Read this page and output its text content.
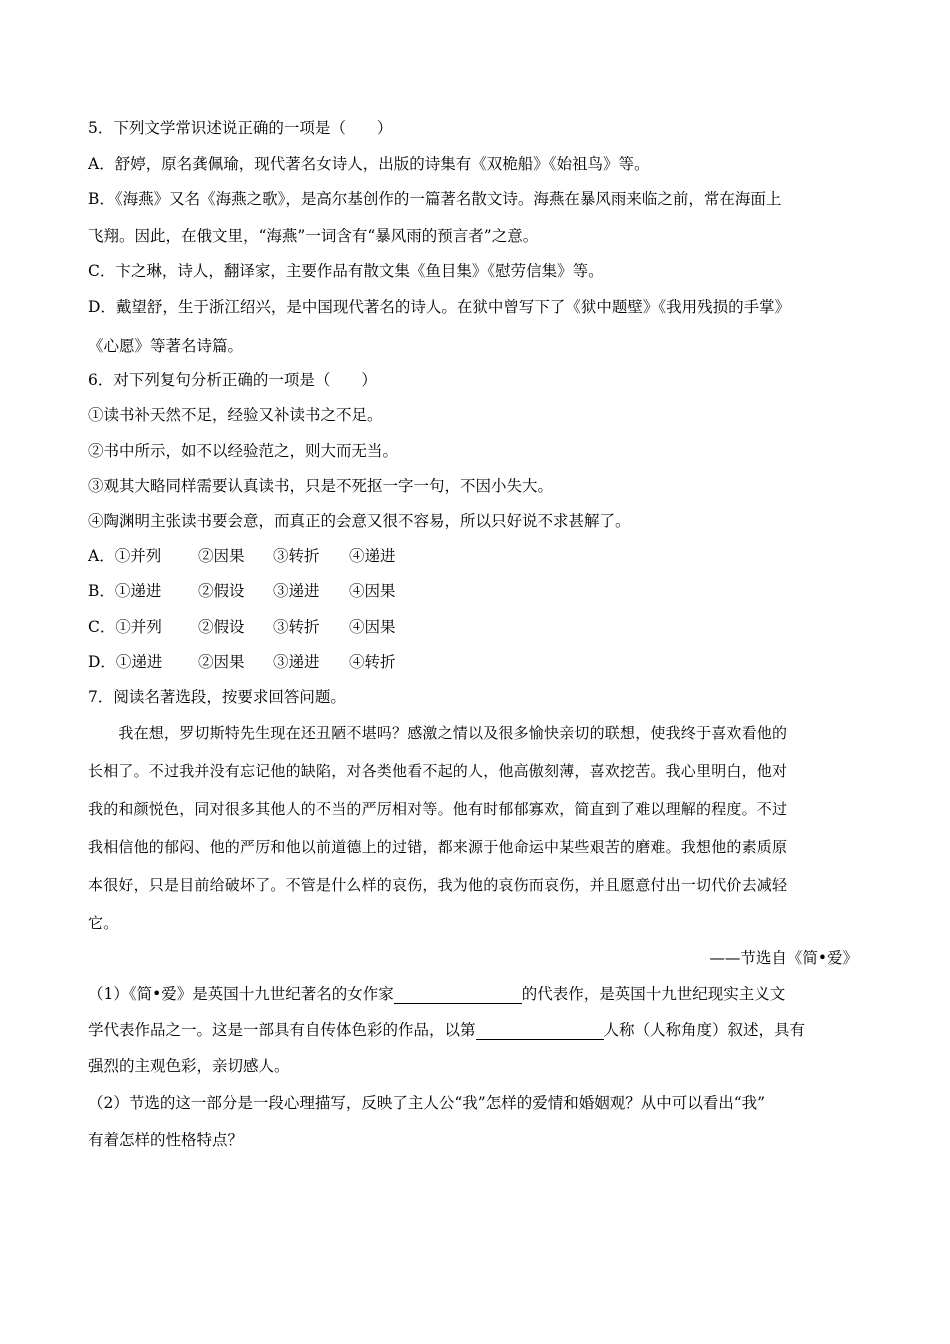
5．下列文学常识述说正确的一项是（　　）
A．舒婷，原名龚佩瑜，现代著名女诗人，出版的诗集有《双桅船》《始祖鸟》等。
B．《海燕》又名《海燕之歌》，是高尔基创作的一篇著名散文诗。海燕在暴风雨来临之前，常在海面上
飞翔。因此，在俄文里，“海燕”一词含有“暴风雨的预言者”之意。
C．卞之琳，诗人，翻译家，主要作品有散文集《鱼目集》《慰劳信集》等。
D．戴望舒，生于浙江绍兴，是中国现代著名的诗人。在狱中曾写下了《狱中题壁》《我用残损的手掌》
《心愿》等著名诗篇。
6．对下列复句分析正确的一项是（　　）
①读书补天然不足，经验又补读书之不足。
②书中所示，如不以经验范之，则大而无当。
③观其大略同样需要认真读书，只是不死抠一字一句，不因小失大。
④陶渊明主张读书要会意，而真正的会意又很不容易，所以只好说不求甚解了。
A．①并列 ②因果 ③转折 ④递进
B．①递进 ②假设 ③递进 ④因果
C．①并列 ②假设 ③转折 ④因果
D．①递进 ②因果 ③递进 ④转折
7．阅读名著选段，按要求回答问题。
　　我在想，罗切斯特先生现在还丑陋不堪吗？感激之情以及很多愉快亲切的联想，使我终于喜欢看他的
长相了。不过我并没有忘记他的缺陷，对各类他看不起的人，他高傲刻薄，喜欢挖苦。我心里明白，他对
我的和颜悦色，同对很多其他人的不当的严厉相对等。他有时郁郁寡欢，简直到了难以理解的程度。不过
我相信他的郁闷、他的严厉和他以前道德上的过错，都来源于他命运中某些艰苦的磨难。我想他的素质原
本很好，只是目前给破坏了。不管是什么样的哀伤，我为他的哀伤而哀伤，并且愿意付出一切代价去减轻
它。
——节选自《简•爱》
（1）《简•爱》是英国十九世纪著名的女作家	的代表作，是英国十九世纪现实主义文
学代表作品之一。这是一部具有自传体色彩的作品，以第	人称（人称角度）叙述，具有
强烈的主观色彩，亲切感人。
（2）节选的这一部分是一段心理描写，反映了主人公“我”怎样的爱情和婚姻观？从中可以看出“我”
有着怎样的性格特点？
